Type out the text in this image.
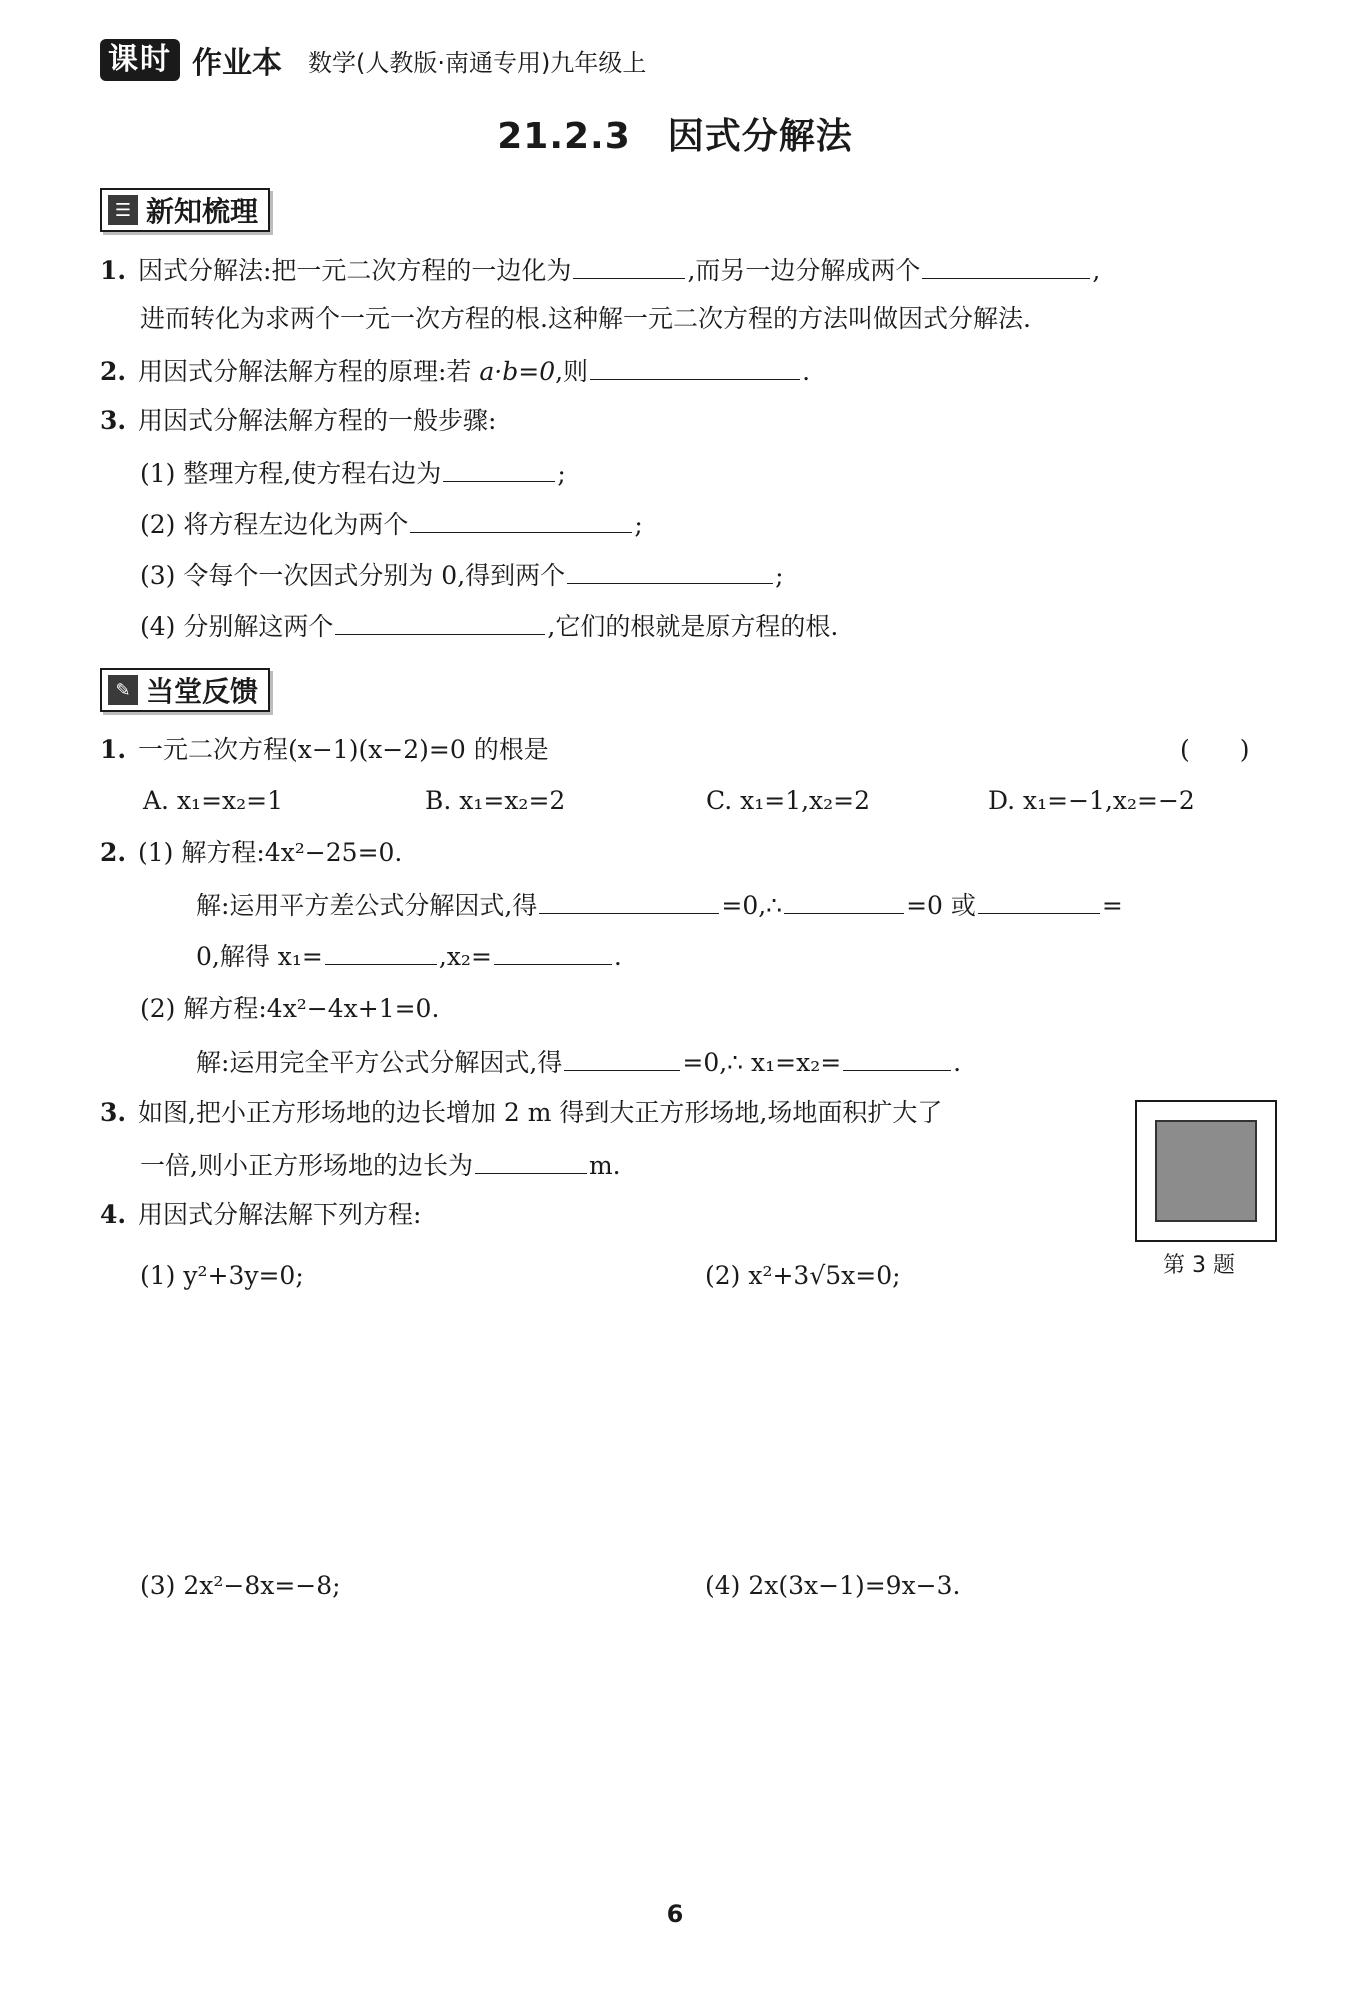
课时 作业本 数学(人教版·南通专用)九年级上
21.2.3　因式分解法
☰ 新知梳理
1. 因式分解法:把一元二次方程的一边化为	,而另一边分解成两个	,
进而转化为求两个一元一次方程的根.这种解一元二次方程的方法叫做因式分解法.
2. 用因式分解法解方程的原理:若 a·b=0,则	.
3. 用因式分解法解方程的一般步骤:
(1) 整理方程,使方程右边为	;
(2) 将方程左边化为两个	;
(3) 令每个一次因式分别为 0,得到两个	;
(4) 分别解这两个	,它们的根就是原方程的根.
✎ 当堂反馈
1. 一元二次方程(x−1)(x−2)=0 的根是	(　　)
A. x₁=x₂=1	B. x₁=x₂=2	C. x₁=1,x₂=2	D. x₁=−1,x₂=−2
2. (1) 解方程:4x²−25=0.
解:运用平方差公式分解因式,得	=0,∴	=0 或	=
0,解得 x₁=	,x₂=	.
(2) 解方程:4x²−4x+1=0.
解:运用完全平方公式分解因式,得	=0,∴ x₁=x₂=	.
3. 如图,把小正方形场地的边长增加 2 m 得到大正方形场地,场地面积扩大了
一倍,则小正方形场地的边长为	m.
第 3 题
4. 用因式分解法解下列方程:
(1) y²+3y=0;	(2) x²+3√5x=0;
(3) 2x²−8x=−8;	(4) 2x(3x−1)=9x−3.
6
